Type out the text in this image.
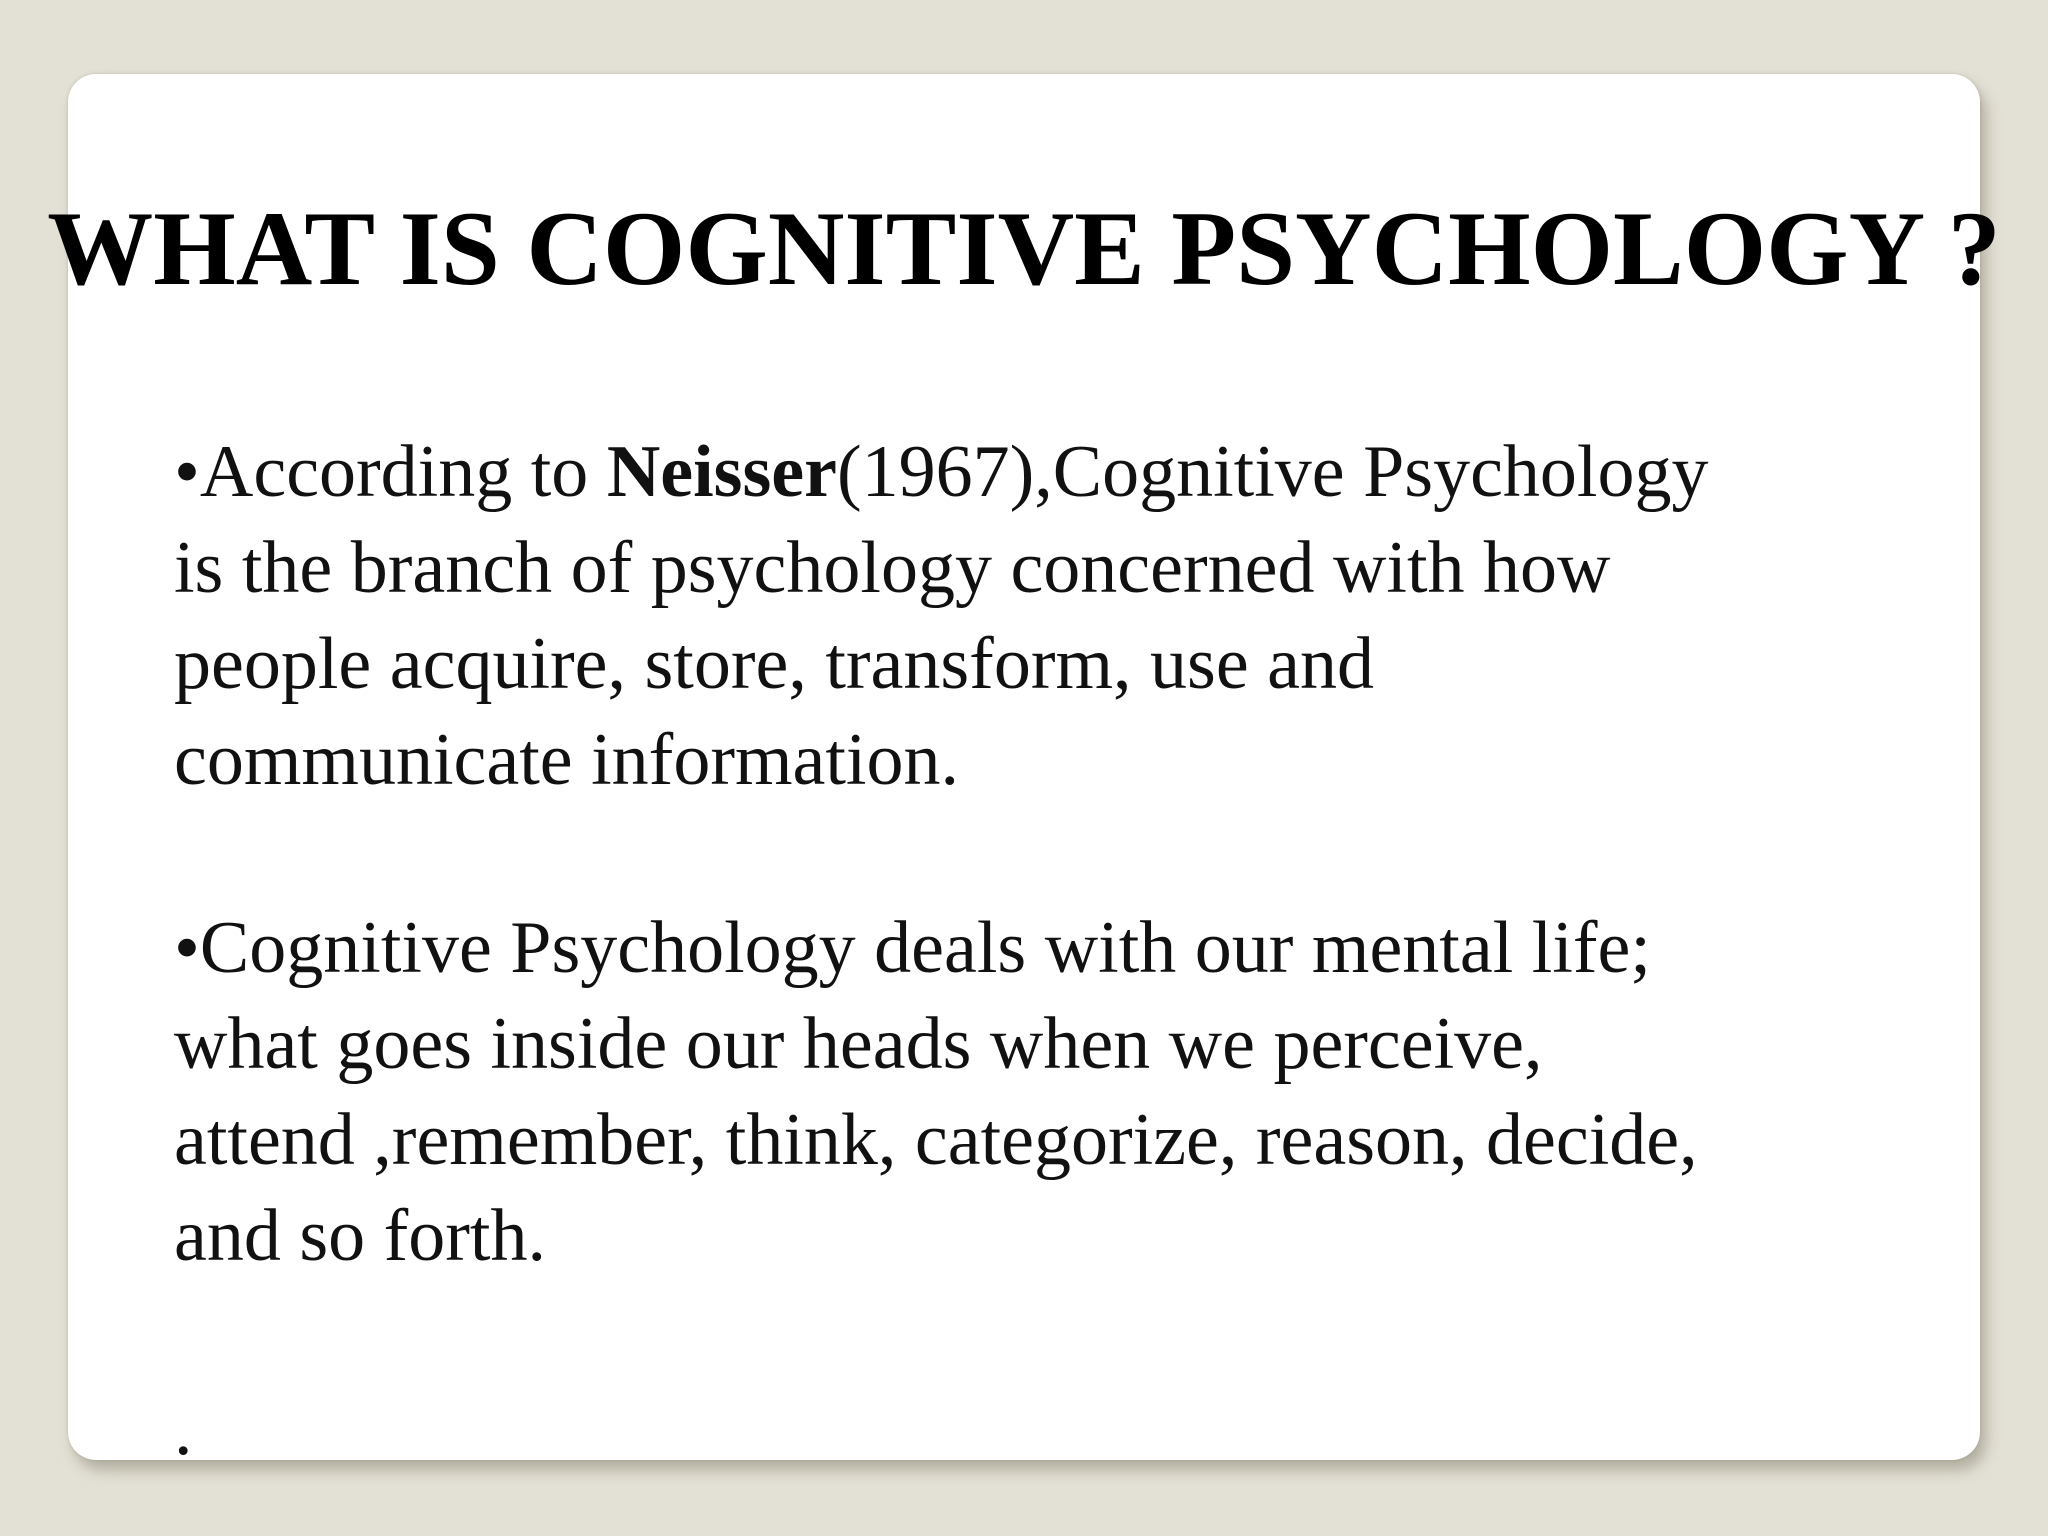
WHAT IS COGNITIVE PSYCHOLOGY ?
•According to Neisser(1967),Cognitive Psychology
is the branch of psychology concerned with how
people acquire, store, transform, use and
communicate information.
•Cognitive Psychology deals with our mental life;
what goes inside our heads when we perceive,
attend ,remember, think, categorize, reason, decide,
and so forth.
.
